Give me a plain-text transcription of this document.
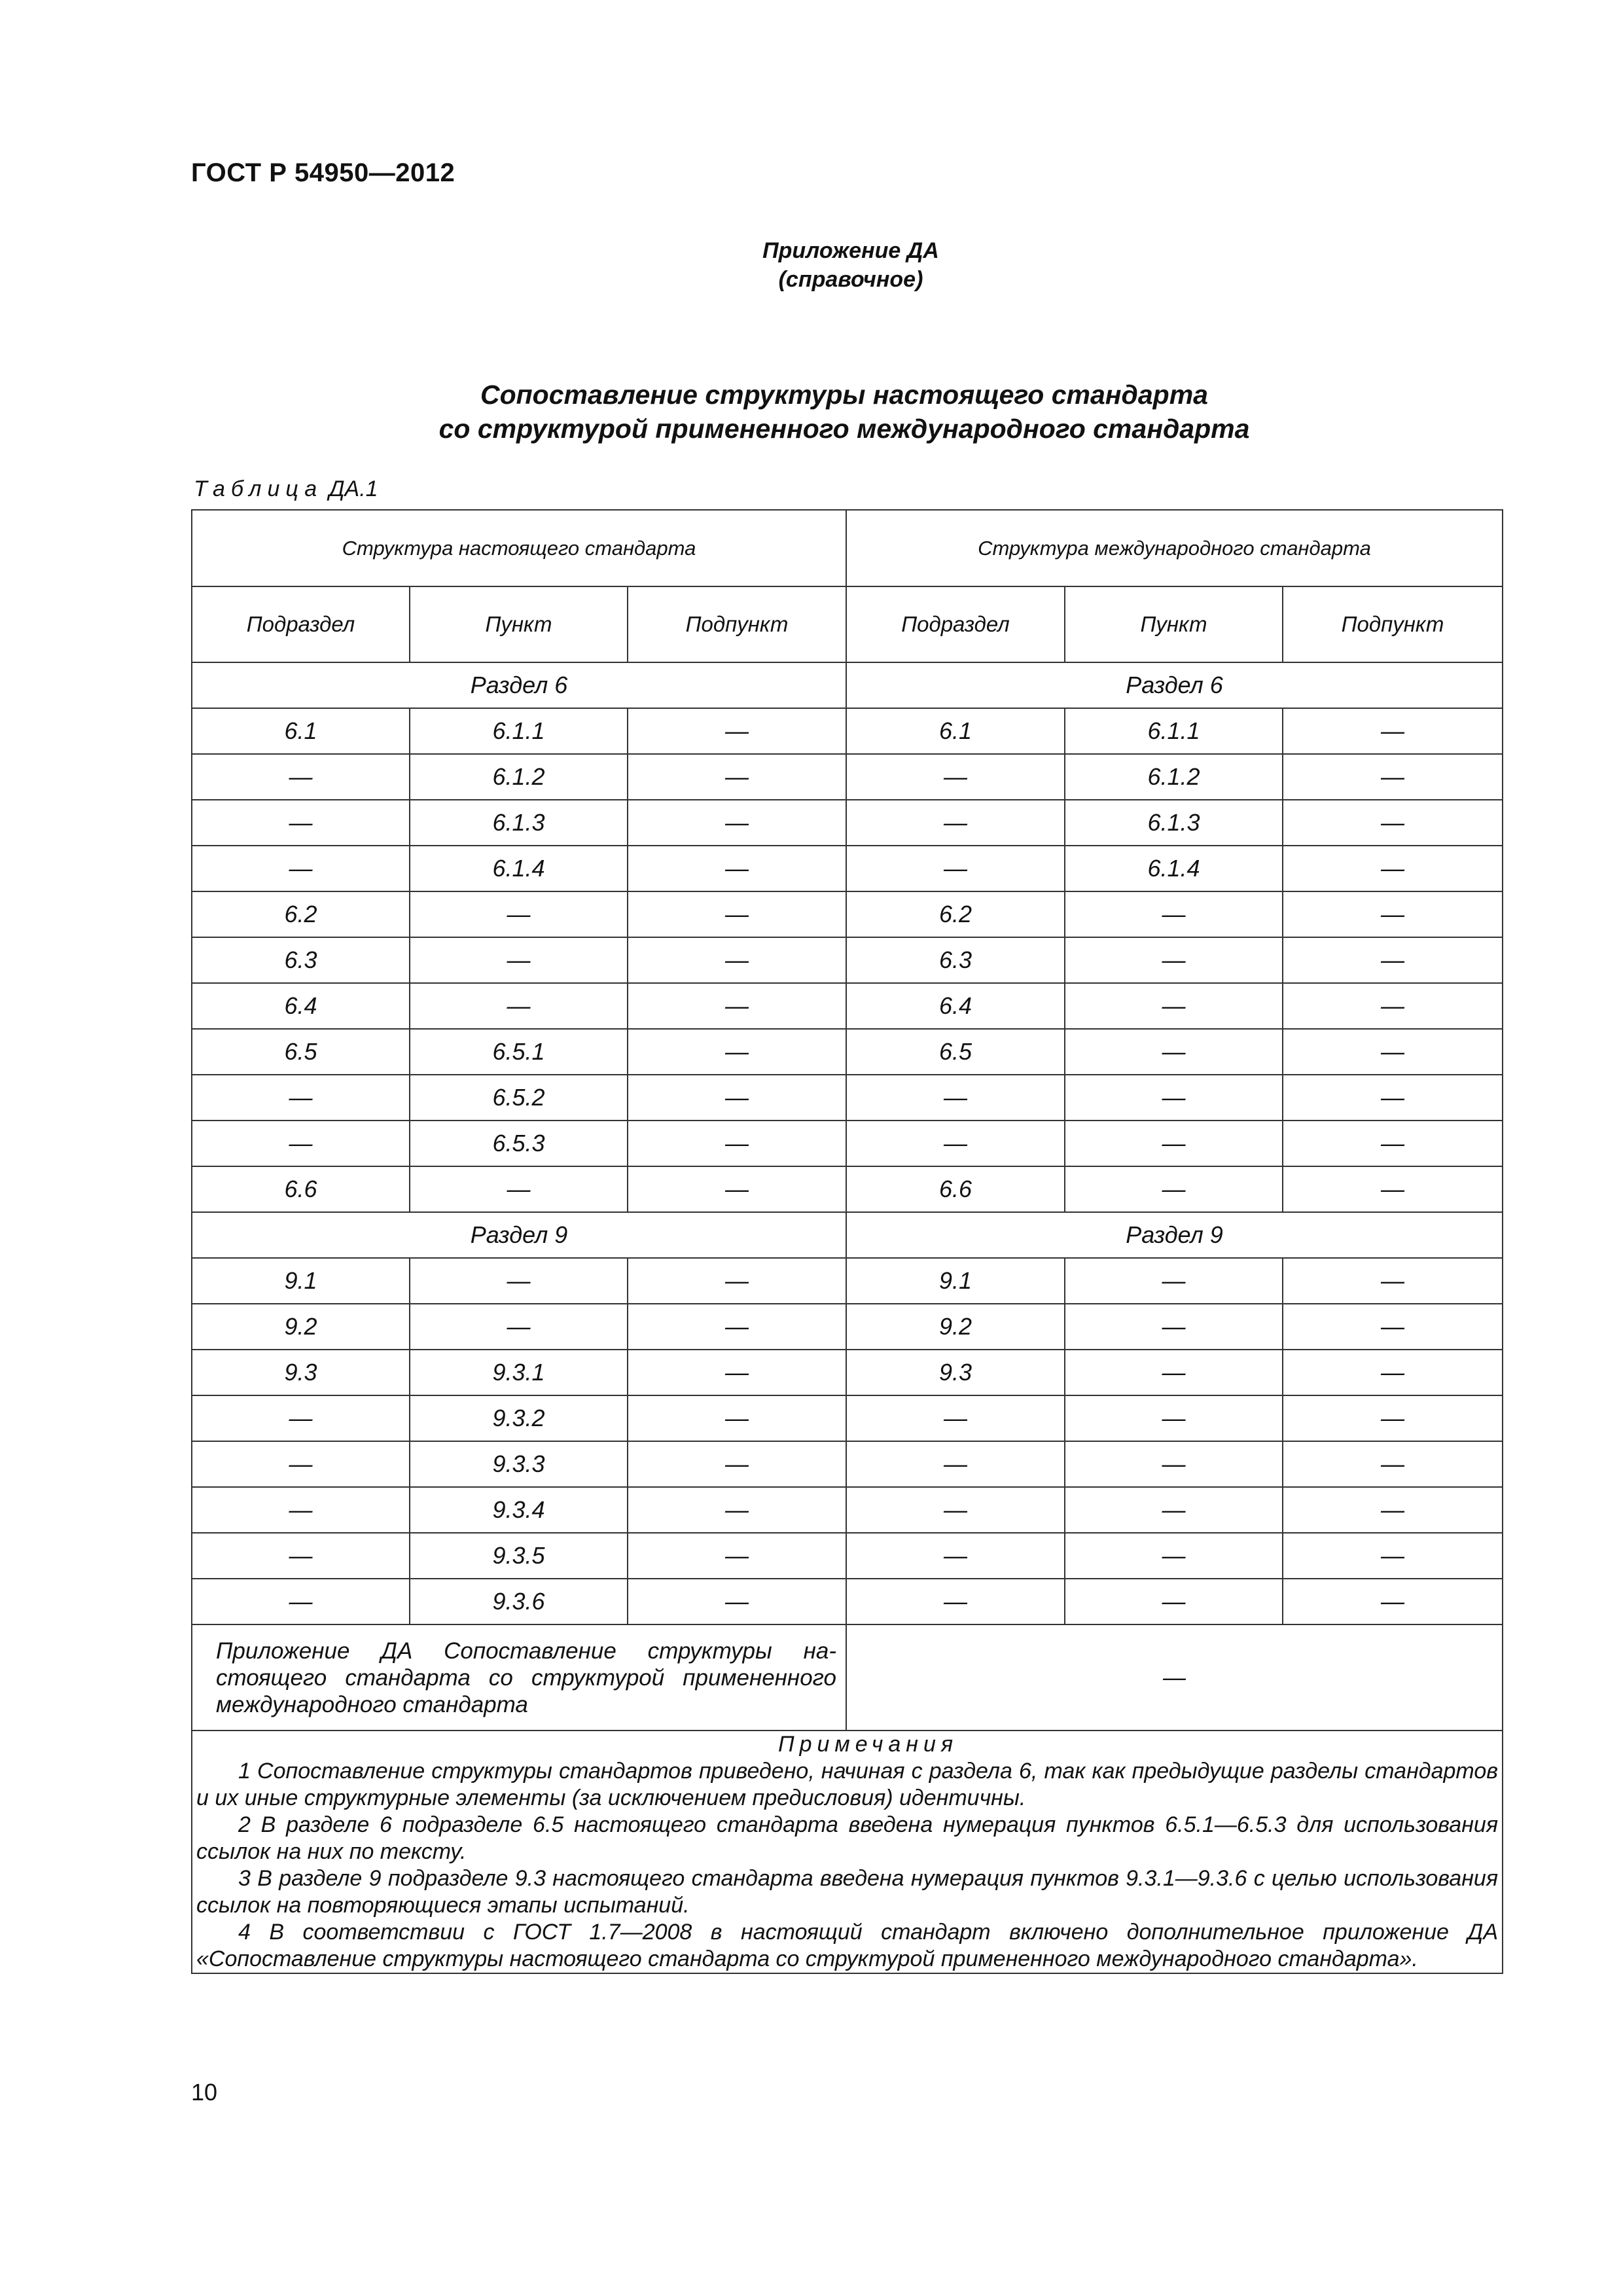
ГОСТ Р 54950—2012
Приложение ДА
(справочное)
Сопоставление структуры настоящего стандарта
со структурой примененного международного стандарта
Таблица ДА.1
Структура настоящего стандарта			Структура международного стандарта		
Подраздел	Пункт	Подпункт	Подраздел	Пункт	Подпункт
Раздел 6			Раздел 6		
6.1	6.1.1	—	6.1	6.1.1	—
—	6.1.2	—	—	6.1.2	—
—	6.1.3	—	—	6.1.3	—
—	6.1.4	—	—	6.1.4	—
6.2	—	—	6.2	—	—
6.3	—	—	6.3	—	—
6.4	—	—	6.4	—	—
6.5	6.5.1	—	6.5	—	—
—	6.5.2	—	—	—	—
—	6.5.3	—	—	—	—
6.6	—	—	6.6	—	—
Раздел 9			Раздел 9		
9.1	—	—	9.1	—	—
9.2	—	—	9.2	—	—
9.3	9.3.1	—	9.3	—	—
—	9.3.2	—	—	—	—
—	9.3.3	—	—	—	—
—	9.3.4	—	—	—	—
—	9.3.5	—	—	—	—
—	9.3.6	—	—	—	—
Приложение ДА Сопоставление структуры на-стоящего стандарта со структурой примененного международного стандарта			—		

Примечания
1 Сопоставление структуры стандартов приведено, начиная с раздела 6, так как предыдущие разделы стандартов и их иные структурные элементы (за исключением предисловия) идентичны.
2 В разделе 6 подразделе 6.5 настоящего стандарта введена нумерация пунктов 6.5.1—6.5.3 для использования ссылок на них по тексту.
3 В разделе 9 подразделе 9.3 настоящего стандарта введена нумерация пунктов 9.3.1—9.3.6 с целью использования ссылок на повторяющиеся этапы испытаний.
4 В соответствии с ГОСТ 1.7—2008 в настоящий стандарт включено дополнительное приложение ДА «Сопоставление структуры настоящего стандарта со структурой примененного международного стандарта».					
10
